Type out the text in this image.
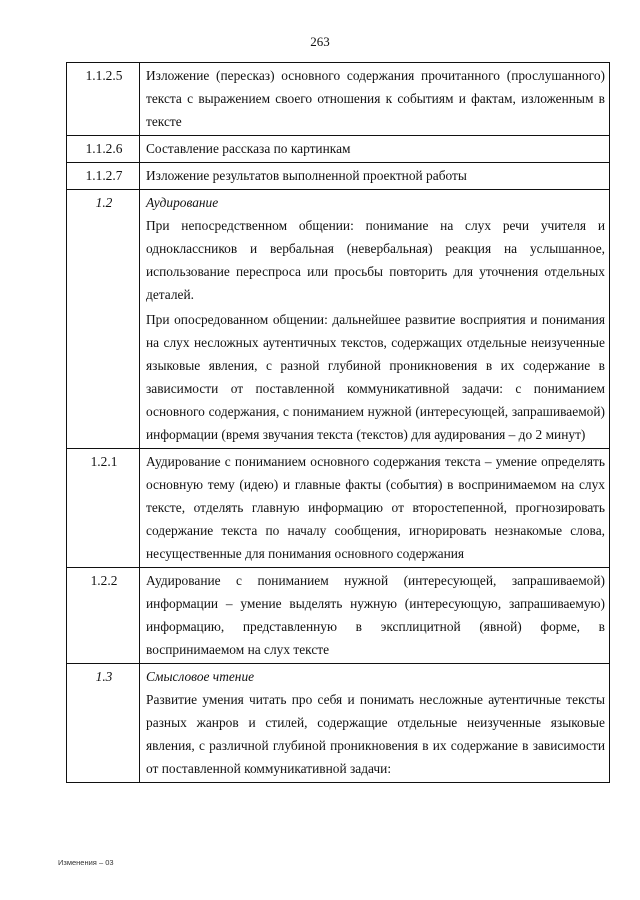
263
1.1.2.5	Изложение (пересказ) основного содержания прочитанного (прослушанного) текста с выражением своего отношения к событиям и фактам, изложенным в тексте

1.1.2.6	Составление рассказа по картинкам

1.1.2.7	Изложение результатов выполненной проектной работы

1.2	Аудирование
При непосредственном общении: понимание на слух речи учителя и одноклассников и вербальная (невербальная) реакция на услышанное, использование переспроса или просьбы повторить для уточнения отдельных деталей.
При опосредованном общении: дальнейшее развитие восприятия и понимания на слух несложных аутентичных текстов, содержащих отдельные неизученные языковые явления, с разной глубиной проникновения в их содержание в зависимости от поставленной коммуникативной задачи: с пониманием основного содержания, с пониманием нужной (интересующей, запрашиваемой) информации (время звучания текста (текстов) для аудирования – до 2 минут)

1.2.1	Аудирование с пониманием основного содержания текста – умение определять основную тему (идею) и главные факты (события) в воспринимаемом на слух тексте, отделять главную информацию от второстепенной, прогнозировать содержание текста по началу сообщения, игнорировать незнакомые слова, несущественные для понимания основного содержания

1.2.2	Аудирование с пониманием нужной (интересующей, запрашиваемой) информации – умение выделять нужную (интересующую, запрашиваемую) информацию, представленную в эксплицитной (явной) форме, в воспринимаемом на слух тексте

1.3	Смысловое чтение
Развитие умения читать про себя и понимать несложные аутентичные тексты разных жанров и стилей, содержащие отдельные неизученные языковые явления, с различной глубиной проникновения в их содержание в зависимости от поставленной коммуникативной задачи:
Изменения – 03
